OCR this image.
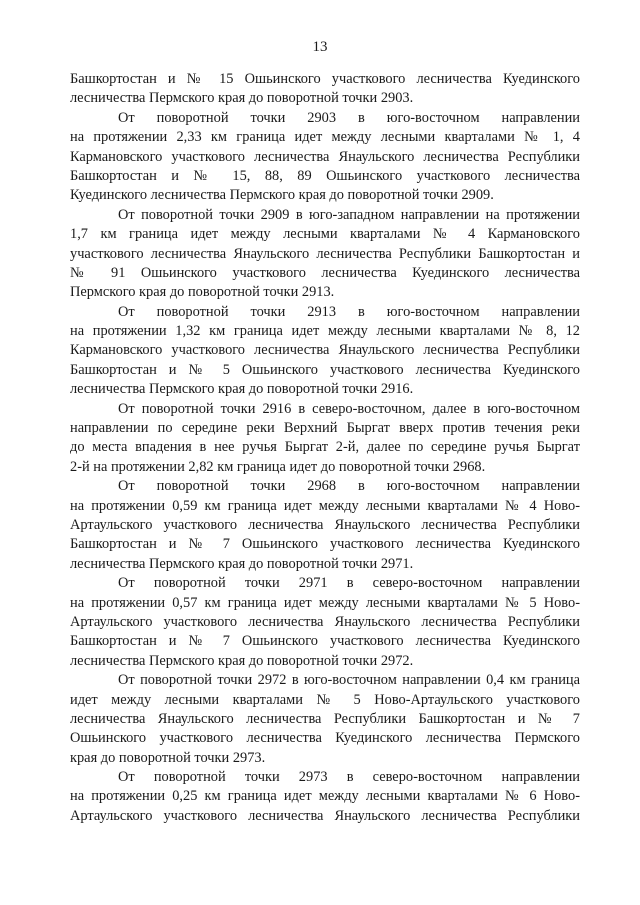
13
Башкортостан и № 15 Ошьинского участкового лесничества Куединского
лесничества Пермского края до поворотной точки 2903.
От поворотной точки 2903 в юго-восточном направлении
на протяжении 2,33 км граница идет между лесными кварталами № 1, 4
Кармановского участкового лесничества Янаульского лесничества Республики
Башкортостан и № 15, 88, 89 Ошьинского участкового лесничества
Куединского лесничества Пермского края до поворотной точки 2909.
От поворотной точки 2909 в юго-западном направлении на протяжении
1,7 км граница идет между лесными кварталами № 4 Кармановского
участкового лесничества Янаульского лесничества Республики Башкортостан и
№ 91 Ошьинского участкового лесничества Куединского лесничества
Пермского края до поворотной точки 2913.
От поворотной точки 2913 в юго-восточном направлении
на протяжении 1,32 км граница идет между лесными кварталами № 8, 12
Кармановского участкового лесничества Янаульского лесничества Республики
Башкортостан и № 5 Ошьинского участкового лесничества Куединского
лесничества Пермского края до поворотной точки 2916.
От поворотной точки 2916 в северо-восточном, далее в юго-восточном
направлении по середине реки Верхний Быргат вверх против течения реки
до места впадения в нее ручья Быргат 2-й, далее по середине ручья Быргат
2-й на протяжении 2,82 км граница идет до поворотной точки 2968.
От поворотной точки 2968 в юго-восточном направлении
на протяжении 0,59 км граница идет между лесными кварталами № 4 Ново-
Артаульского участкового лесничества Янаульского лесничества Республики
Башкортостан и № 7 Ошьинского участкового лесничества Куединского
лесничества Пермского края до поворотной точки 2971.
От поворотной точки 2971 в северо-восточном направлении
на протяжении 0,57 км граница идет между лесными кварталами № 5 Ново-
Артаульского участкового лесничества Янаульского лесничества Республики
Башкортостан и № 7 Ошьинского участкового лесничества Куединского
лесничества Пермского края до поворотной точки 2972.
От поворотной точки 2972 в юго-восточном направлении 0,4 км граница
идет между лесными кварталами № 5 Ново-Артаульского участкового
лесничества Янаульского лесничества Республики Башкортостан и № 7
Ошьинского участкового лесничества Куединского лесничества Пермского
края до поворотной точки 2973.
От поворотной точки 2973 в северо-восточном направлении
на протяжении 0,25 км граница идет между лесными кварталами № 6 Ново-
Артаульского участкового лесничества Янаульского лесничества Республики
